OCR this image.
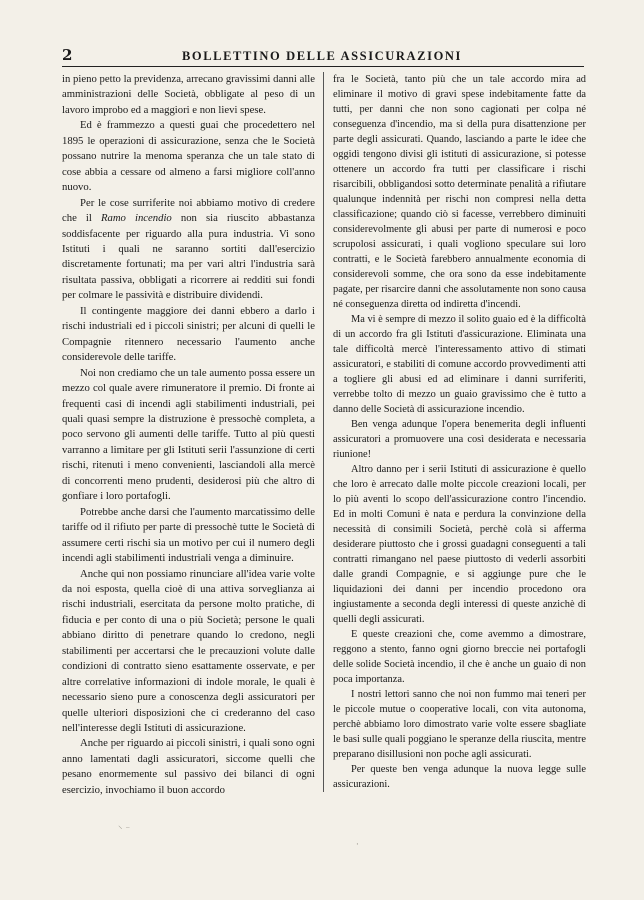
2	BOLLETTINO DELLE ASSICURAZIONI

in pieno petto la previdenza, arrecano gravissimi danni alle amministrazioni delle Società, obbligate al peso di un lavoro improbo ed a maggiori e non lievi spese.

Ed è frammezzo a questi guai che procedettero nel 1895 le operazioni di assicurazione, senza che le Società possano nutrire la menoma speranza che un tale stato di cose abbia a cessare od almeno a farsi migliore coll'anno nuovo.

Per le cose surriferite noi abbiamo motivo di credere che il Ramo incendio non sia riuscito abbastanza soddisfacente per riguardo alla pura industria. Vi sono Istituti i quali ne saranno sortiti dall'esercizio discretamente fortunati; ma per vari altri l'industria sarà risultata passiva, obbligati a ricorrere ai redditi sui fondi per colmare le passività e distribuire dividendi.

Il contingente maggiore dei danni ebbero a darlo i rischi industriali ed i piccoli sinistri; per alcuni di quelli le Compagnie ritennero necessario l'aumento anche considerevole delle tariffe.

Noi non crediamo che un tale aumento possa essere un mezzo col quale avere rimuneratore il premio. Di fronte ai frequenti casi di incendi agli stabilimenti industriali, pei quali quasi sempre la distruzione è pressochè completa, a poco servono gli aumenti delle tariffe. Tutto al più questi varranno a limitare per gli Istituti serii l'assunzione di certi rischi, ritenuti i meno convenienti, lasciandoli alla mercè di concorrenti meno prudenti, desiderosi più che altro di gonfiare i loro portafogli.

Potrebbe anche darsi che l'aumento marcatissimo delle tariffe od il rifiuto per parte di pressochè tutte le Società di assumere certi rischi sia un motivo per cui il numero degli incendi agli stabilimenti industriali venga a diminuire.

Anche qui non possiamo rinunciare all'idea varie volte da noi esposta, quella cioè di una attiva sorveglianza ai rischi industriali, esercitata da persone molto pratiche, di fiducia e per conto di una o più Società; persone le quali abbiano diritto di penetrare quando lo credono, negli stabilimenti per accertarsi che le precauzioni volute dalle condizioni di contratto sieno esattamente osservate, e per altre correlative informazioni di indole morale, le quali è necessario sieno pure a conoscenza degli assicuratori per quelle ulteriori disposizioni che ci crederanno del caso nell'interesse degli Istituti di assicurazione.

Anche per riguardo ai piccoli sinistri, i quali sono ogni anno lamentati dagli assicuratori, siccome quelli che pesano enormemente sul passivo dei bilanci di ogni esercizio, invochiamo il buon accordo

fra le Società, tanto più che un tale accordo mira ad eliminare il motivo di gravi spese indebitamente fatte da tutti, per danni che non sono cagionati per colpa né conseguenza d'incendio, ma sì della pura disattenzione per parte degli assicurati. Quando, lasciando a parte le idee che oggidì tengono divisi gli istituti di assicurazione, si potesse ottenere un accordo fra tutti per classificare i rischi risarcibili, obbligandosi sotto determinate penalità a rifiutare qualunque indennità per rischi non compresi nella detta classificazione; quando ciò si facesse, verrebbero diminuiti considerevolmente gli abusi per parte di numerosi e poco scrupolosi assicurati, i quali vogliono speculare sui loro contratti, e le Società farebbero annualmente economia di considerevoli somme, che ora sono da esse indebitamente pagate, per risarcire danni che assolutamente non sono causa né conseguenza diretta od indiretta d'incendi.

Ma vi è sempre di mezzo il solito guaio ed è la difficoltà di un accordo fra gli Istituti d'assicurazione. Eliminata una tale difficoltà mercè l'interessamento attivo di stimati assicuratori, e stabiliti di comune accordo provvedimenti atti a togliere gli abusi ed ad eliminare i danni surriferiti, verrebbe tolto di mezzo un guaio gravissimo che è tutto a danno delle Società di assicurazione incendio.

Ben venga adunque l'opera benemerita degli influenti assicuratori a promuovere una così desiderata e necessaria riunione!

Altro danno per i serii Istituti di assicurazione è quello che loro è arrecato dalle molte piccole creazioni locali, per lo più aventi lo scopo dell'assicurazione contro l'incendio. Ed in molti Comuni è nata e perdura la convinzione della necessità di consimili Società, perchè colà si afferma desiderare piuttosto che i grossi guadagni conseguenti a tali contratti rimangano nel paese piuttosto di vederli assorbiti dalle grandi Compagnie, e si aggiunge pure che le liquidazioni dei danni per incendio procedono ora ingiustamente a seconda degli interessi di queste anzichè di quelli degli assicurati.

E queste creazioni che, come avemmo a dimostrare, reggono a stento, fanno ogni giorno breccie nei portafogli delle solide Società incendio, il che è anche un guaio di non poca importanza.

I nostri lettori sanno che noi non fummo mai teneri per le piccole mutue o cooperative locali, con vita autonoma, perchè abbiamo loro dimostrato varie volte essere sbagliate le basi sulle quali poggiano le speranze della riuscita, mentre preparano disillusioni non poche agli assicurati.

Per queste ben venga adunque la nuova legge sulle assicurazioni.

⸌ ⁻
·
